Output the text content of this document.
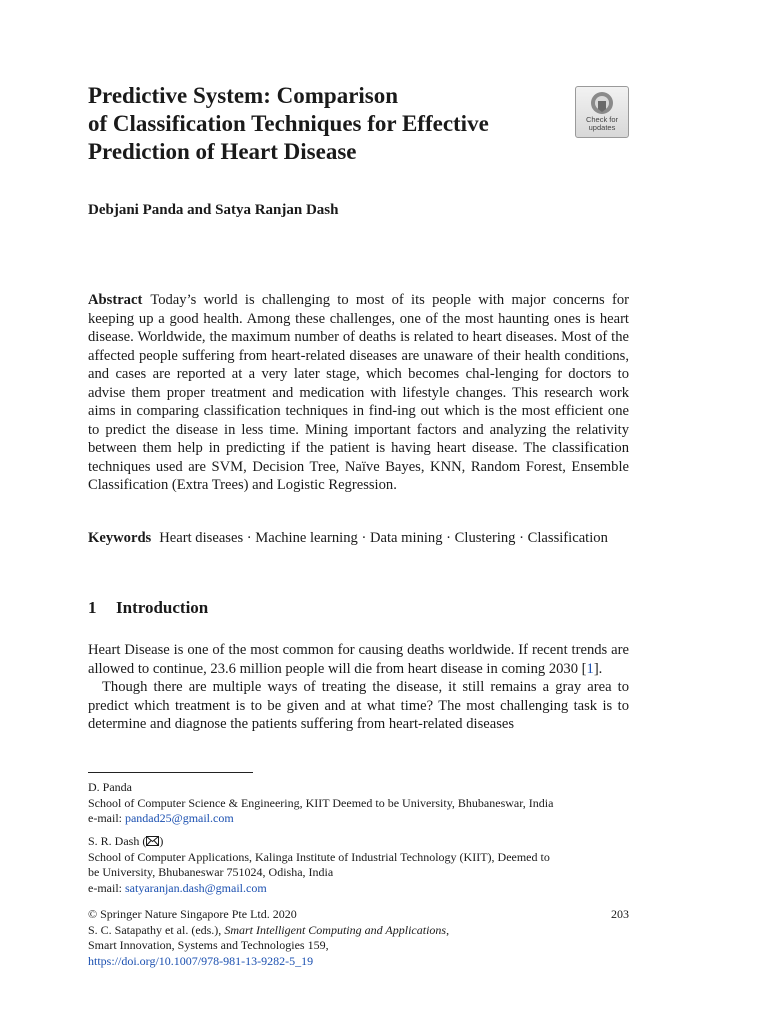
Predictive System: Comparison
of Classification Techniques for Effective
Prediction of Heart Disease
Check for
updates
Debjani Panda and Satya Ranjan Dash
Abstract Today’s world is challenging to most of its people with major concerns for keeping up a good health. Among these challenges, one of the most haunting ones is heart disease. Worldwide, the maximum number of deaths is related to heart diseases. Most of the affected people suffering from heart-related diseases are unaware of their health conditions, and cases are reported at a very later stage, which becomes chal-lenging for doctors to advise them proper treatment and medication with lifestyle changes. This research work aims in comparing classification techniques in find-ing out which is the most efficient one to predict the disease in less time. Mining important factors and analyzing the relativity between them help in predicting if the patient is having heart disease. The classification techniques used are SVM, Decision Tree, Naïve Bayes, KNN, Random Forest, Ensemble Classification (Extra Trees) and Logistic Regression.
Keywords Heart diseases · Machine learning · Data mining · Clustering · Classification
1 Introduction

Heart Disease is one of the most common for causing deaths worldwide. If recent trends are allowed to continue, 23.6 million people will die from heart disease in coming 2030 [1].

Though there are multiple ways of treating the disease, it still remains a gray area to predict which treatment is to be given and at what time? The most challenging task is to determine and diagnose the patients suffering from heart-related diseases

D. Panda
School of Computer Science & Engineering, KIIT Deemed to be University, Bhubaneswar, India
e-mail: pandad25@gmail.com
S. R. Dash ( )
School of Computer Applications, Kalinga Institute of Industrial Technology (KIIT), Deemed to
be University, Bhubaneswar 751024, Odisha, India
e-mail: satyaranjan.dash@gmail.com
© Springer Nature Singapore Pte Ltd. 2020	203
S. C. Satapathy et al. (eds.), Smart Intelligent Computing and Applications,
Smart Innovation, Systems and Technologies 159,
https://doi.org/10.1007/978-981-13-9282-5_19
